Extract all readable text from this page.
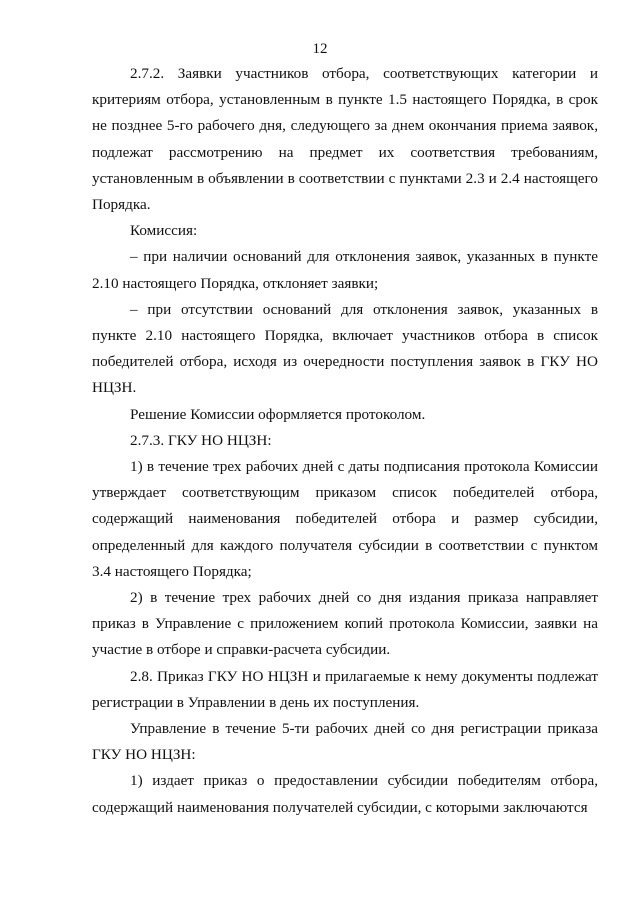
12

2.7.2. Заявки участников отбора, соответствующих категории и критериям отбора, установленным в пункте 1.5 настоящего Порядка, в срок не позднее 5-го рабочего дня, следующего за днем окончания приема заявок, подлежат рассмотрению на предмет их соответствия требованиям, установленным в объявлении в соответствии с пунктами 2.3 и 2.4 настоящего Порядка.

Комиссия:

– при наличии оснований для отклонения заявок, указанных в пункте 2.10 настоящего Порядка, отклоняет заявки;

– при отсутствии оснований для отклонения заявок, указанных в пункте 2.10 настоящего Порядка, включает участников отбора в список победителей отбора, исходя из очередности поступления заявок в ГКУ НО НЦЗН.

Решение Комиссии оформляется протоколом.

2.7.3. ГКУ НО НЦЗН:

1) в течение трех рабочих дней с даты подписания протокола Комиссии утверждает соответствующим приказом список победителей отбора, содержащий наименования победителей отбора и размер субсидии, определенный для каждого получателя субсидии в соответствии с пунктом 3.4 настоящего Порядка;

2) в течение трех рабочих дней со дня издания приказа направляет приказ в Управление с приложением копий протокола Комиссии, заявки на участие в отборе и справки-расчета субсидии.

2.8. Приказ ГКУ НО НЦЗН и прилагаемые к нему документы подлежат регистрации в Управлении в день их поступления.

Управление в течение 5-ти рабочих дней со дня регистрации приказа ГКУ НО НЦЗН:

1) издает приказ о предоставлении субсидии победителям отбора, содержащий наименования получателей субсидии, с которыми заключаются
